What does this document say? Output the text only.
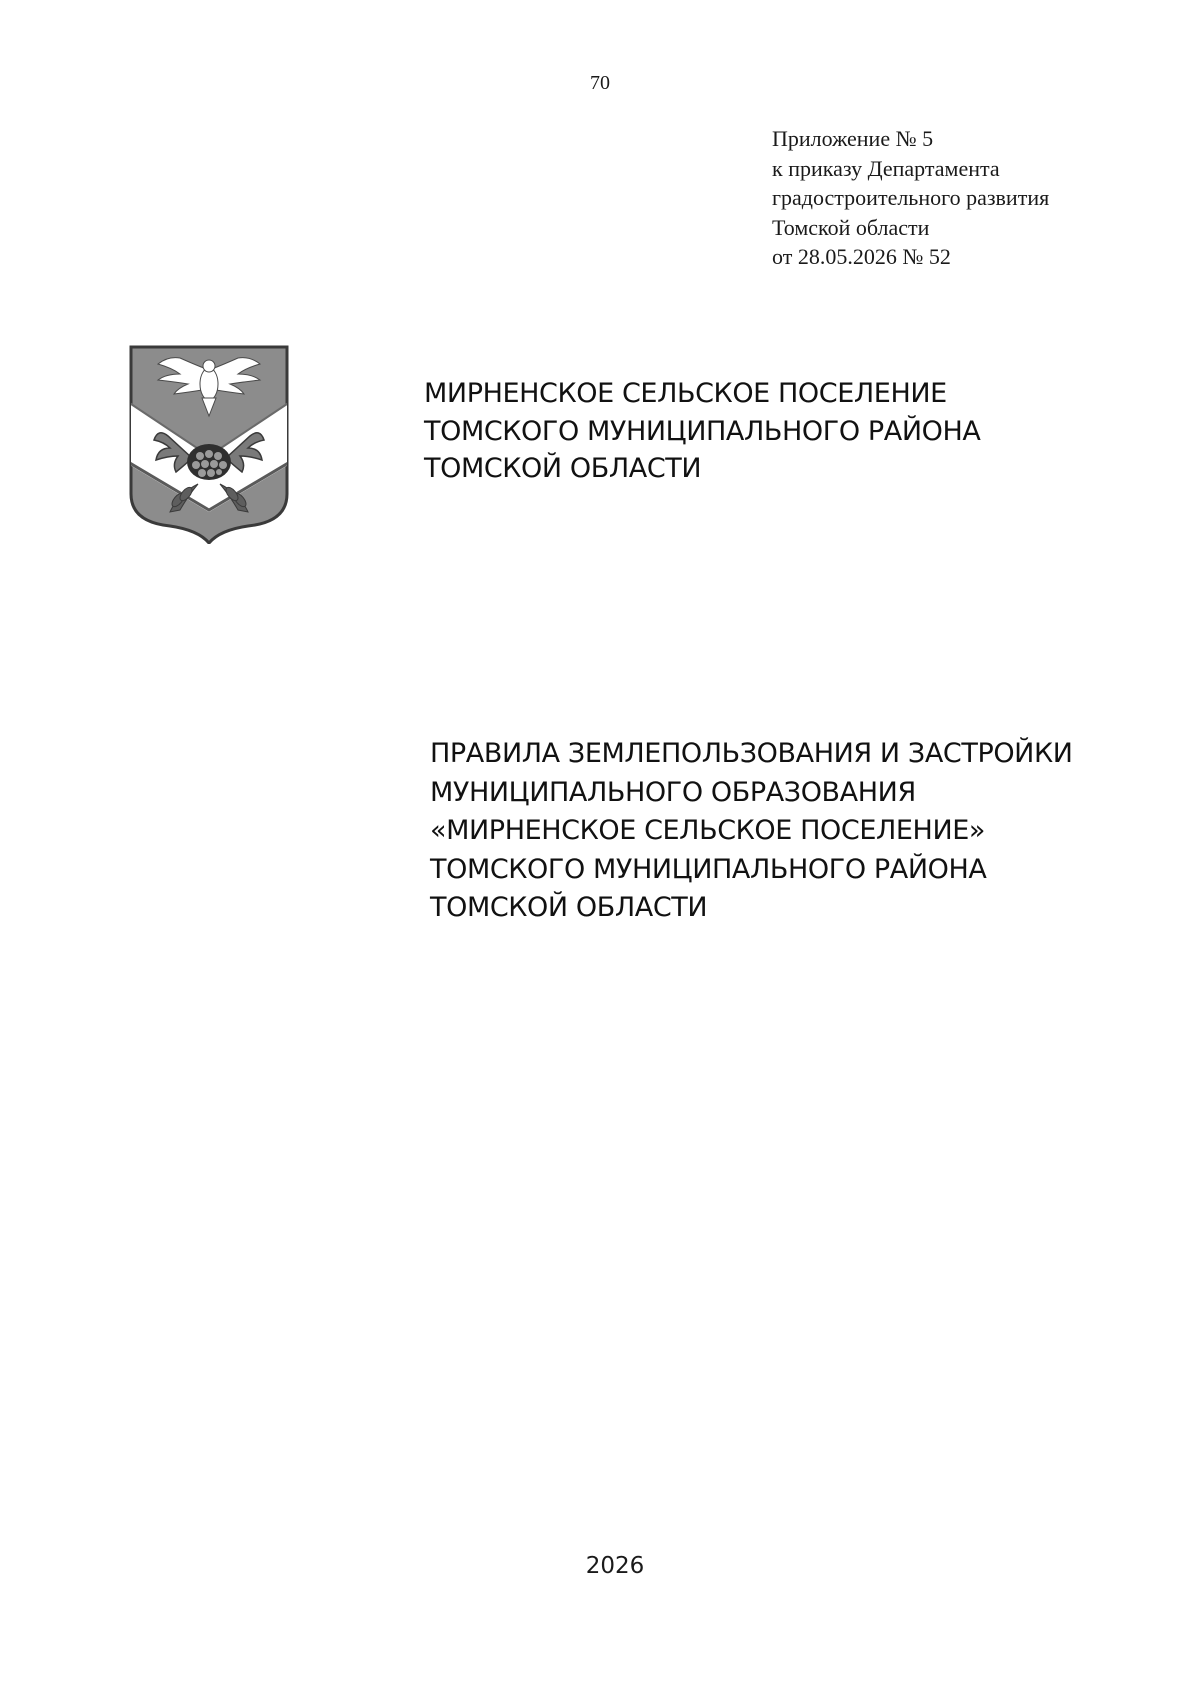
70
Приложение № 5
к приказу Департамента
градостроительного развития
Томской области
от 28.05.2026 № 52
МИРНЕНСКОЕ СЕЛЬСКОЕ ПОСЕЛЕНИЕ
ТОМСКОГО МУНИЦИПАЛЬНОГО РАЙОНА
ТОМСКОЙ ОБЛАСТИ
ПРАВИЛА ЗЕМЛЕПОЛЬЗОВАНИЯ И ЗАСТРОЙКИ
МУНИЦИПАЛЬНОГО ОБРАЗОВАНИЯ
«МИРНЕНСКОЕ СЕЛЬСКОЕ ПОСЕЛЕНИЕ»
ТОМСКОГО МУНИЦИПАЛЬНОГО РАЙОНА
ТОМСКОЙ ОБЛАСТИ
2026
